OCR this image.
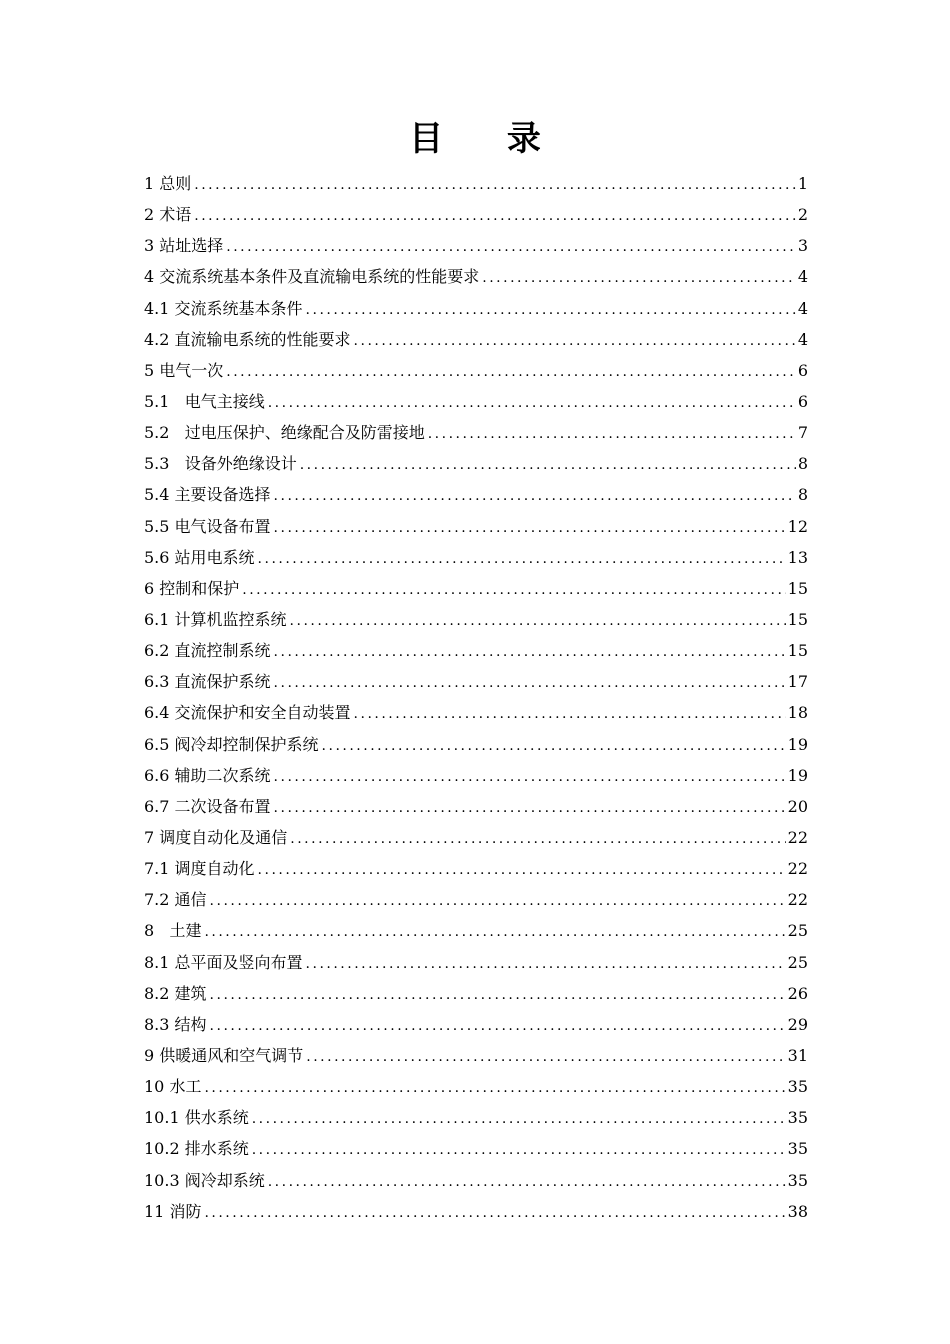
目 录
1 总则 .....	1
2 术语 .....	2
3 站址选择 .....	3
4 交流系统基本条件及直流输电系统的性能要求 .....	4
4.1 交流系统基本条件 .....	4
4.2 直流输电系统的性能要求 .....	4
5 电气一次 .....	6
5.1   电气主接线 .....	6
5.2   过电压保护、绝缘配合及防雷接地 .....	7
5.3   设备外绝缘设计 .....	8
5.4 主要设备选择 .....	8
5.5 电气设备布置 .....	12
5.6 站用电系统 .....	13
6 控制和保护 .....	15
6.1 计算机监控系统 .....	15
6.2 直流控制系统 .....	15
6.3 直流保护系统 .....	17
6.4 交流保护和安全自动装置 .....	18
6.5 阀冷却控制保护系统 .....	19
6.6 辅助二次系统 .....	19
6.7 二次设备布置 .....	20
7 调度自动化及通信 .....	22
7.1 调度自动化 .....	22
7.2 通信 .....	22
8   土建 .....	25
8.1 总平面及竖向布置 .....	25
8.2 建筑 .....	26
8.3 结构 .....	29
9 供暖通风和空气调节 .....	31
10 水工 .....	35
10.1 供水系统 .....	35
10.2 排水系统 .....	35
10.3 阀冷却系统 .....	35
11 消防 .....	38
